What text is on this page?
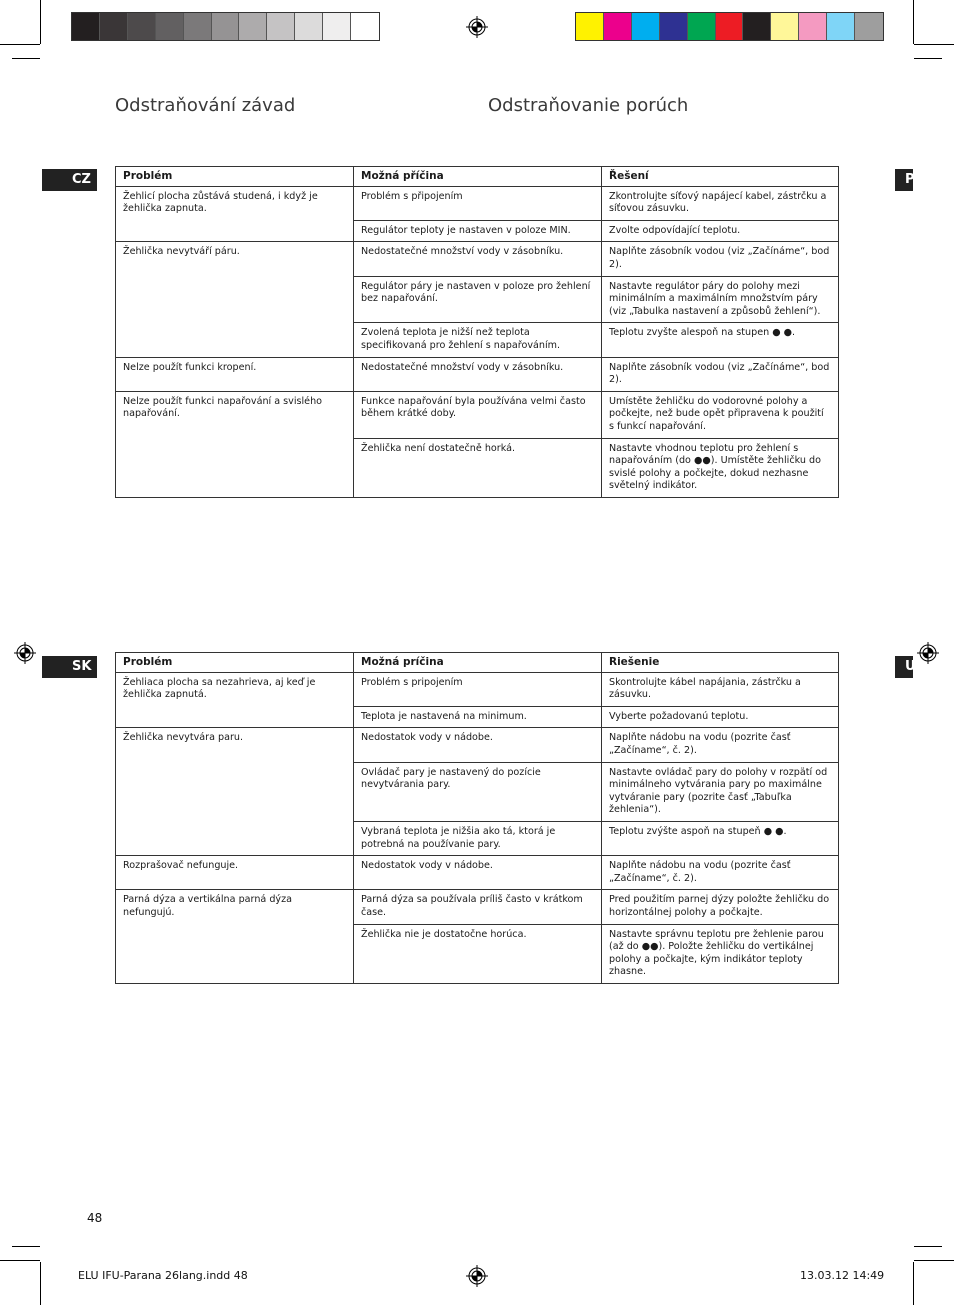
Odstraňování závad	Odstraňovanie porúch
CZ	P
SK	U
Problém	Možná příčina	Řešení
Žehlicí plocha zůstává studená, i když je žehlička zapnuta.	Problém s připojením	Zkontrolujte síťový napájecí kabel, zástrčku a síťovou zásuvku.
	Regulátor teploty je nastaven v poloze MIN.	Zvolte odpovídající teplotu.
Žehlička nevytváří páru.	Nedostatečné množství vody v zásobníku.	Naplňte zásobník vodou (viz „Začínáme“, bod 2).
	Regulátor páry je nastaven v poloze pro žehlení bez napařování.	Nastavte regulátor páry do polohy mezi minimálním a maximálním množstvím páry (viz „Tabulka nastavení a způsobů žehlení“).
	Zvolená teplota je nižší než teplota specifikovaná pro žehlení s napařováním.	Teplotu zvyšte alespoň na stupen ● ●.
Nelze použít funkci kropení.	Nedostatečné množství vody v zásobníku.	Naplňte zásobník vodou (viz „Začínáme“, bod 2).
Nelze použít funkci napařování a svislého napařování.	Funkce napařování byla používána velmi často během krátké doby.	Umístěte žehličku do vodorovné polohy a počkejte, než bude opět připravena k použití s funkcí napařování.
	Žehlička není dostatečně horká.	Nastavte vhodnou teplotu pro žehlení s napařováním (do ●●). Umístěte žehličku do svislé polohy a počkejte, dokud nezhasne světelný indikátor.
Problém	Možná príčina	Riešenie
Žehliaca plocha sa nezahrieva, aj keď je žehlička zapnutá.	Problém s pripojením	Skontrolujte kábel napájania, zástrčku a zásuvku.
	Teplota je nastavená na minimum.	Vyberte požadovanú teplotu.
Žehlička nevytvára paru.	Nedostatok vody v nádobe.	Naplňte nádobu na vodu (pozrite časť „Začíname“, č. 2).
	Ovládač pary je nastavený do pozície nevytvárania pary.	Nastavte ovládač pary do polohy v rozpätí od minimálneho vytvárania pary po maximálne vytváranie pary (pozrite časť „Tabuľka žehlenia“).
	Vybraná teplota je nižšia ako tá, ktorá je potrebná na používanie pary.	Teplotu zvýšte aspoň na stupeň ● ●.
Rozprašovač nefunguje.	Nedostatok vody v nádobe.	Naplňte nádobu na vodu (pozrite časť „Začíname“, č. 2).
Parná dýza a vertikálna parná dýza nefungujú.	Parná dýza sa používala príliš často v krátkom čase.	Pred použitím parnej dýzy položte žehličku do horizontálnej polohy a počkajte.
	Žehlička nie je dostatočne horúca.	Nastavte správnu teplotu pre žehlenie parou (až do ●●). Položte žehličku do vertikálnej polohy a počkajte, kým indikátor teploty zhasne.
48
ELU IFU-Parana 26lang.indd 48	13.03.12 14:49
